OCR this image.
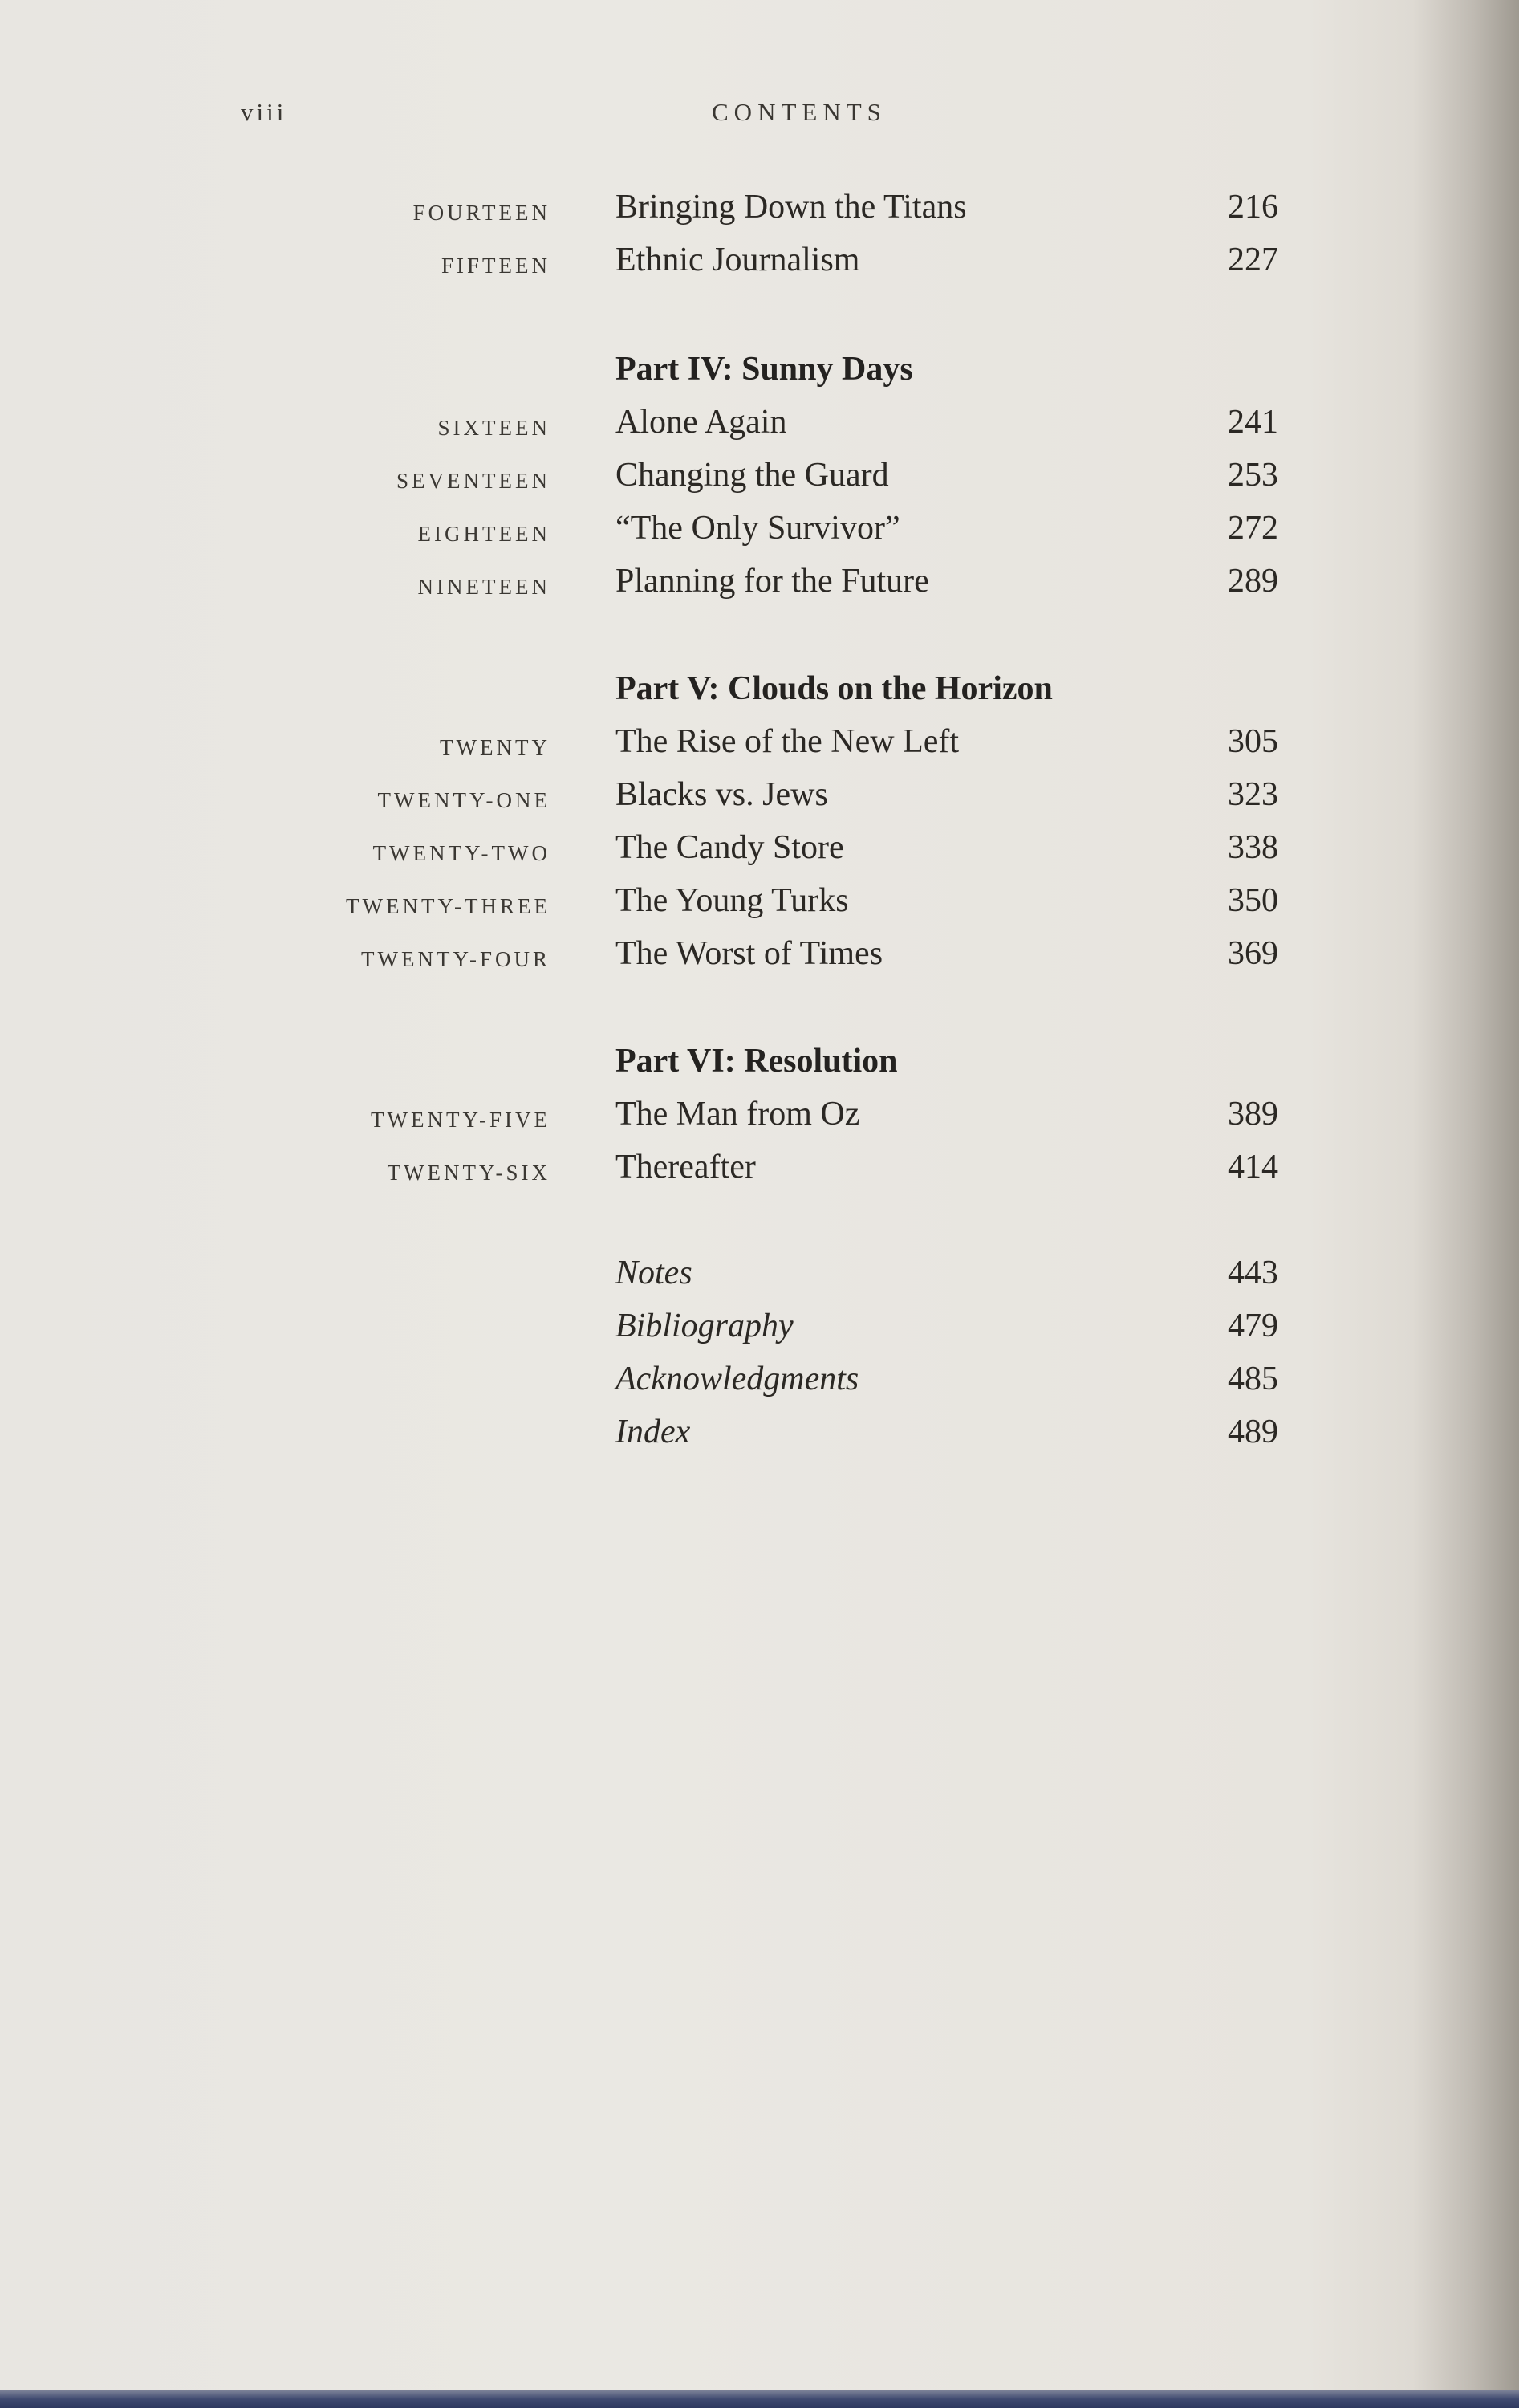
viii	CONTENTS
FOURTEEN Bringing Down the Titans	216
FIFTEEN Ethnic Journalism	227
Part IV: Sunny Days
SIXTEEN Alone Again	241
SEVENTEEN Changing the Guard	253
EIGHTEEN “The Only Survivor”	272
NINETEEN Planning for the Future	289
Part V: Clouds on the Horizon
TWENTY The Rise of the New Left	305
TWENTY-ONE Blacks vs. Jews	323
TWENTY-TWO The Candy Store	338
TWENTY-THREE The Young Turks	350
TWENTY-FOUR The Worst of Times	369
Part VI: Resolution
TWENTY-FIVE The Man from Oz	389
TWENTY-SIX Thereafter	414
Notes	443
Bibliography	479
Acknowledgments	485
Index	489
